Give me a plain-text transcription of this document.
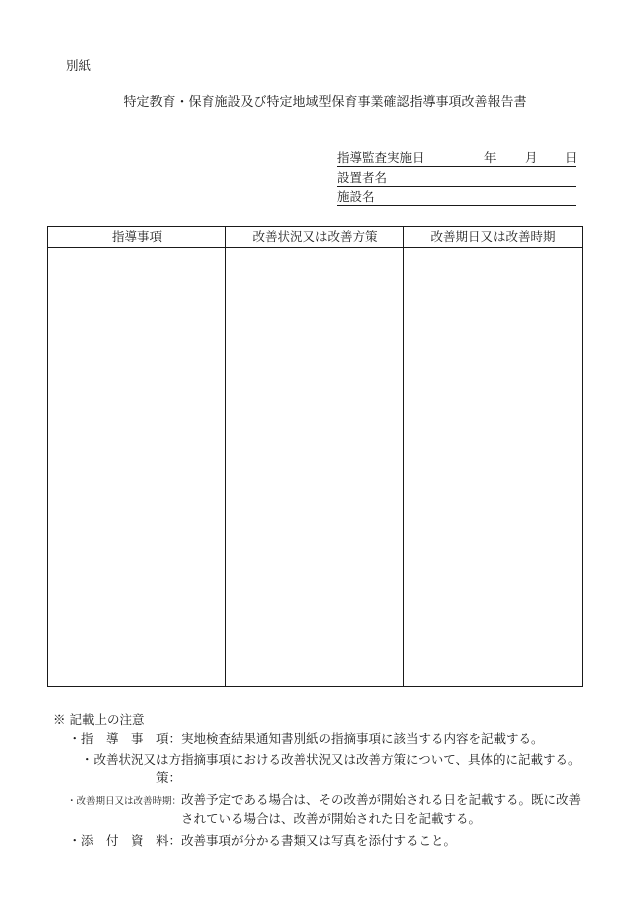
別紙
特定教育・保育施設及び特定地域型保育事業確認指導事項改善報告書
指導監査実施日	年 月 日
設置者名
施設名
指導事項	改善状況又は改善方策	改善期日又は改善時期
※ 記載上の注意
・指　導　事　項： 実地検査結果通知書別紙の指摘事項に該当する内容を記載する。
・改善状況又は方策：
指摘事項における改善状況又は改善方策について、具体的に記載する。
・改善期日又は改善時期： 改善予定である場合は、その改善が開始される日を記載する。既に改善されている場合は、改善が開始された日を記載する。
・添　付　資　料： 改善事項が分かる書類又は写真を添付すること。
